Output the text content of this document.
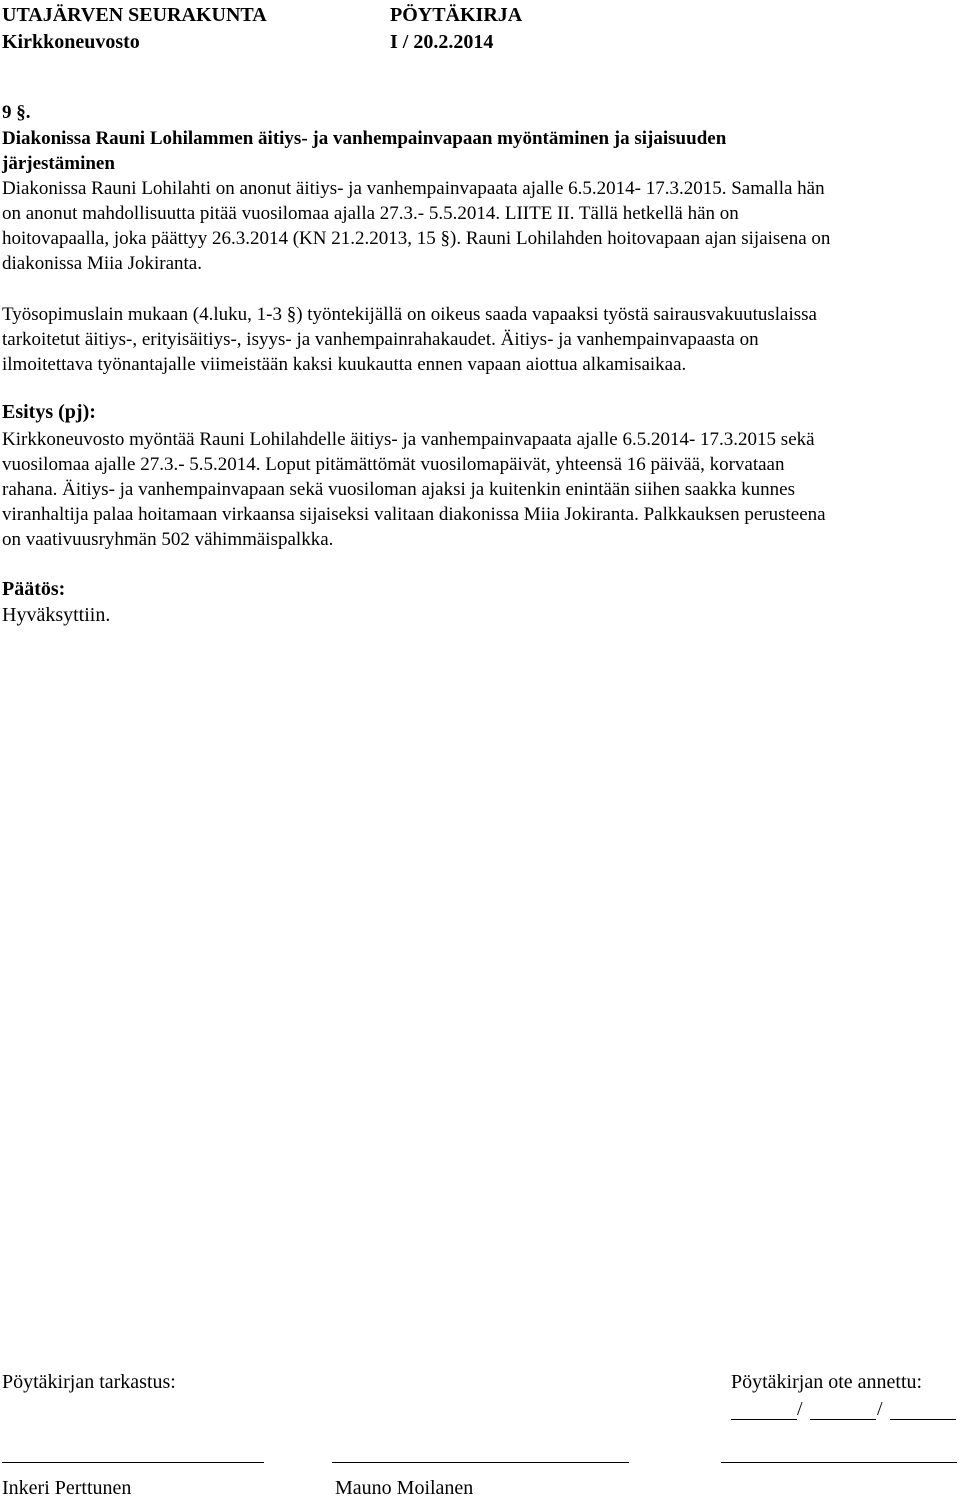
UTAJÄRVEN SEURAKUNTA	PÖYTÄKIRJA
Kirkkoneuvosto	I / 20.2.2014
9 §.
Diakonissa Rauni Lohilammen äitiys- ja vanhempainvapaan myöntäminen ja sijaisuuden
järjestäminen
Diakonissa Rauni Lohilahti on anonut äitiys- ja vanhempainvapaata ajalle 6.5.2014- 17.3.2015. Samalla hän
on anonut mahdollisuutta pitää vuosilomaa ajalla 27.3.- 5.5.2014. LIITE II. Tällä hetkellä hän on
hoitovapaalla, joka päättyy 26.3.2014 (KN 21.2.2013, 15 §). Rauni Lohilahden hoitovapaan ajan sijaisena on
diakonissa Miia Jokiranta.
Työsopimuslain mukaan (4.luku, 1-3 §) työntekijällä on oikeus saada vapaaksi työstä sairausvakuutuslaissa
tarkoitetut äitiys-, erityisäitiys-, isyys- ja vanhempainrahakaudet. Äitiys- ja vanhempainvapaasta on
ilmoitettava työnantajalle viimeistään kaksi kuukautta ennen vapaan aiottua alkamisaikaa.
Esitys (pj):
Kirkkoneuvosto myöntää Rauni Lohilahdelle äitiys- ja vanhempainvapaata ajalle 6.5.2014- 17.3.2015 sekä
vuosilomaa ajalle 27.3.- 5.5.2014. Loput pitämättömät vuosilomapäivät, yhteensä 16 päivää, korvataan
rahana. Äitiys- ja vanhempainvapaan sekä vuosiloman ajaksi ja kuitenkin enintään siihen saakka kunnes
viranhaltija palaa hoitamaan virkaansa sijaiseksi valitaan diakonissa Miia Jokiranta. Palkkauksen perusteena
on vaativuusryhmän 502 vähimmäispalkka.
Päätös:
Hyväksyttiin.
Pöytäkirjan tarkastus:	Pöytäkirjan ote annettu:
/	/
Inkeri Perttunen	Mauno Moilanen
